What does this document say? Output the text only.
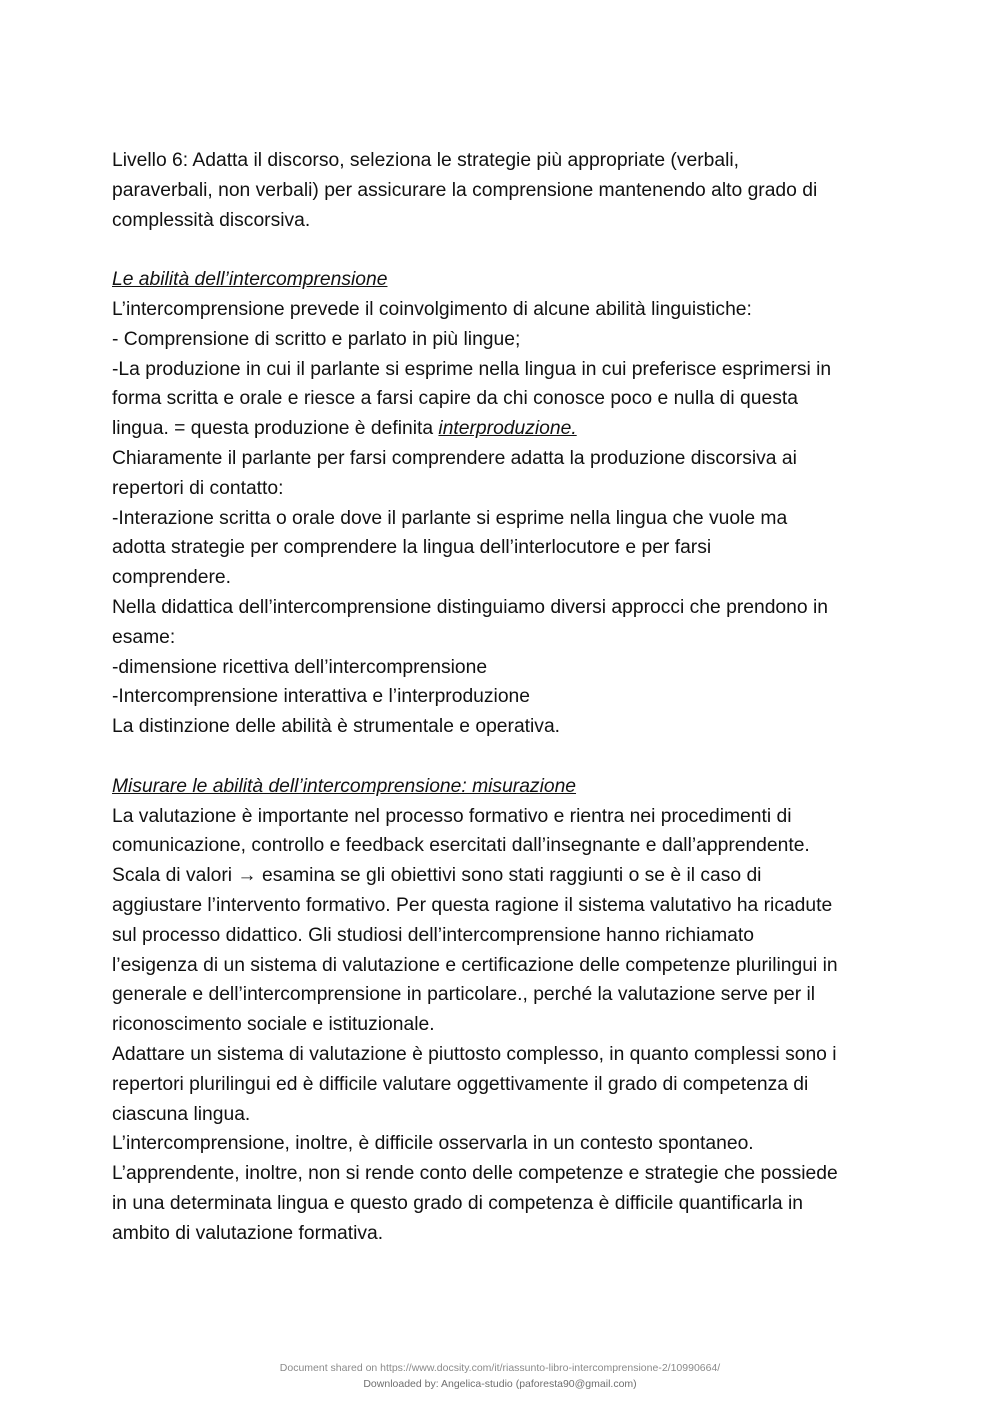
Livello 6: Adatta il discorso, seleziona le strategie più appropriate (verbali,
paraverbali, non verbali) per assicurare la comprensione mantenendo alto grado di
complessità discorsiva.
Le abilità dell’intercomprensione
L’intercomprensione prevede il coinvolgimento di alcune abilità linguistiche:
- Comprensione di scritto e parlato in più lingue;
-La produzione in cui il parlante si esprime nella lingua in cui preferisce esprimersi in
forma scritta e orale e riesce a farsi capire da chi conosce poco e nulla di questa
lingua. = questa produzione è definita interproduzione.
Chiaramente il parlante per farsi comprendere adatta la produzione discorsiva ai
repertori di contatto:
-Interazione scritta o orale dove il parlante si esprime nella lingua che vuole ma
adotta strategie per comprendere la lingua dell’interlocutore e per farsi
comprendere.
Nella didattica dell’intercomprensione distinguiamo diversi approcci che prendono in
esame:
-dimensione ricettiva dell’intercomprensione
-Intercomprensione interattiva e l’interproduzione
La distinzione delle abilità è strumentale e operativa.
Misurare le abilità dell’intercomprensione: misurazione
La valutazione è importante nel processo formativo e rientra nei procedimenti di
comunicazione, controllo e feedback esercitati dall’insegnante e dall’apprendente.
Scala di valori → esamina se gli obiettivi sono stati raggiunti o se è il caso di
aggiustare l’intervento formativo. Per questa ragione il sistema valutativo ha ricadute
sul processo didattico. Gli studiosi dell’intercomprensione hanno richiamato
l’esigenza di un sistema di valutazione e certificazione delle competenze plurilingui in
generale e dell’intercomprensione in particolare., perché la valutazione serve per il
riconoscimento sociale e istituzionale.
Adattare un sistema di valutazione è piuttosto complesso, in quanto complessi sono i
repertori plurilingui ed è difficile valutare oggettivamente il grado di competenza di
ciascuna lingua.
L’intercomprensione, inoltre, è difficile osservarla in un contesto spontaneo.
L’apprendente, inoltre, non si rende conto delle competenze e strategie che possiede
in una determinata lingua e questo grado di competenza è difficile quantificarla in
ambito di valutazione formativa.
Document shared on https://www.docsity.com/it/riassunto-libro-intercomprensione-2/10990664/
Downloaded by: Angelica-studio (paforesta90@gmail.com)
